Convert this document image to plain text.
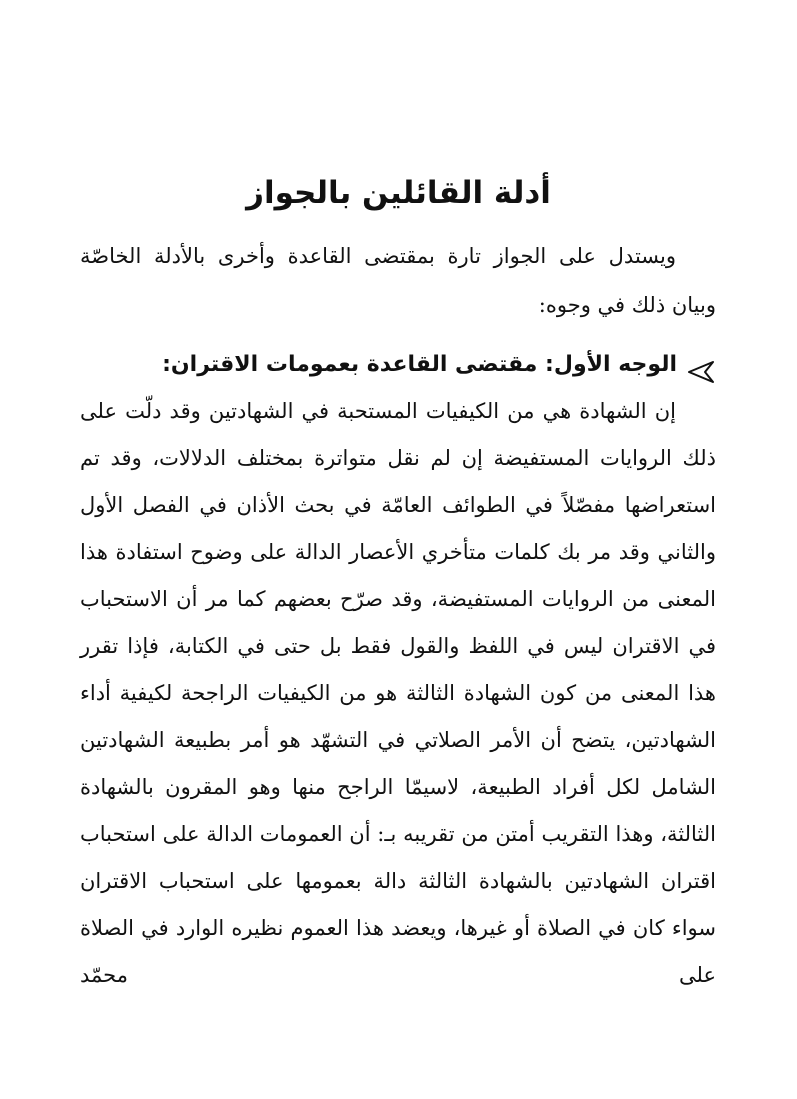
أدلة القائلين بالجواز

ويستدل على الجواز تارة بمقتضى القاعدة وأخرى بالأدلة الخاصّة وبيان ذلك في وجوه:

الوجه الأول: مقتضى القاعدة بعمومات الاقتران:

إن الشهادة هي من الكيفيات المستحبة في الشهادتين وقد دلّت على ذلك الروايات المستفيضة إن لم نقل متواترة بمختلف الدلالات، وقد تم استعراضها مفصّلاً في الطوائف العامّة في بحث الأذان في الفصل الأول والثاني وقد مر بك كلمات متأخري الأعصار الدالة على وضوح استفادة هذا المعنى من الروايات المستفيضة، وقد صرّح بعضهم كما مر أن الاستحباب في الاقتران ليس في اللفظ والقول فقط بل حتى في الكتابة، فإذا تقرر هذا المعنى من كون الشهادة الثالثة هو من الكيفيات الراجحة لكيفية أداء الشهادتين، يتضح أن الأمر الصلاتي في التشهّد هو أمر بطبيعة الشهادتين الشامل لكل أفراد الطبيعة، لاسيمّا الراجح منها وهو المقرون بالشهادة الثالثة، وهذا التقريب أمتن من تقريبه بـ: أن العمومات الدالة على استحباب اقتران الشهادتين بالشهادة الثالثة دالة بعمومها على استحباب الاقتران سواء كان في الصلاة أو غيرها، ويعضد هذا العموم نظيره الوارد في الصلاة على محمّد
